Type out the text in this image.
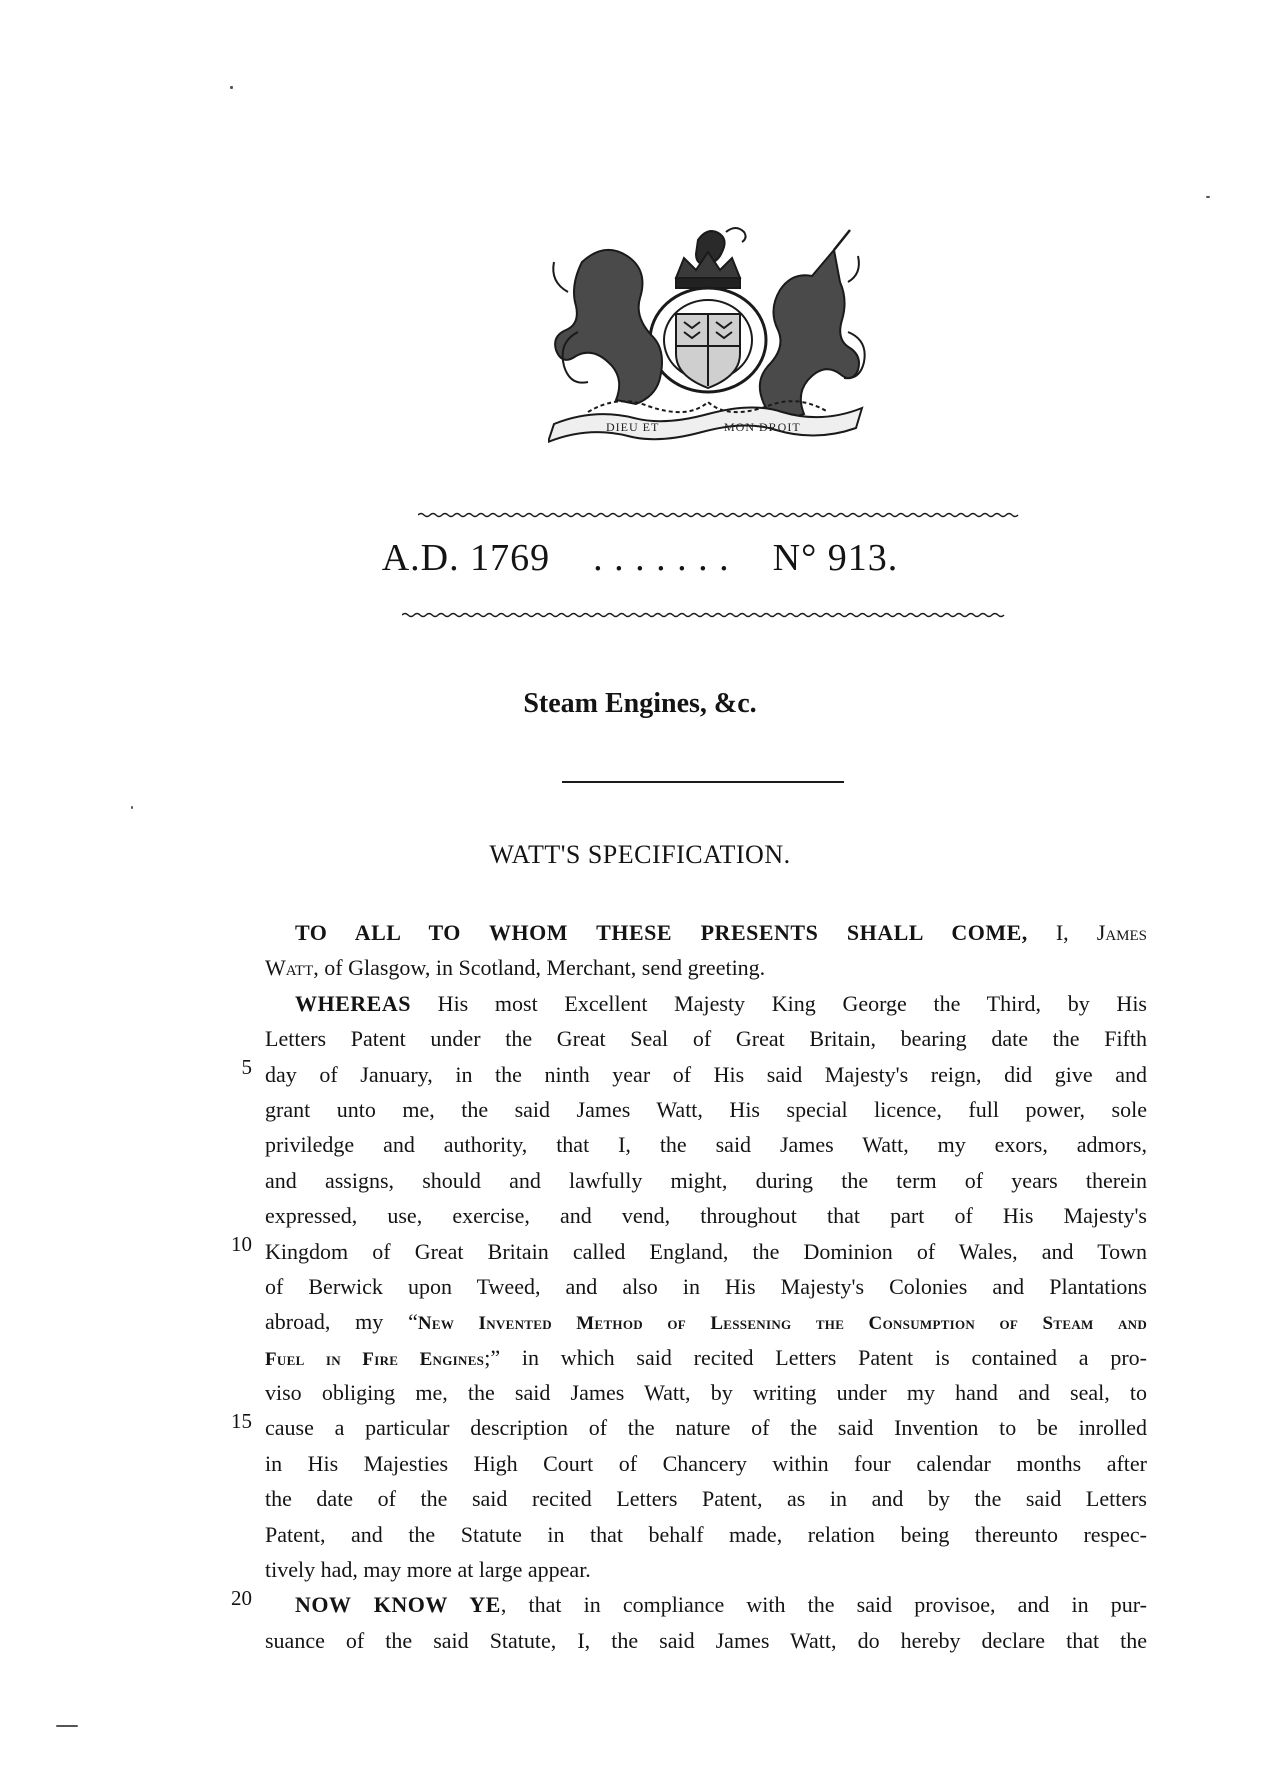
DIEU ET	MON DROIT
A.D. 1769 . . . . . . . N° 913.
Steam Engines, &c.
WATT'S SPECIFICATION.
5
10
15
20
TO ALL TO WHOM THESE PRESENTS SHALL COME, I, James
Watt, of Glasgow, in Scotland, Merchant, send greeting.
WHEREAS His most Excellent Majesty King George the Third, by His
Letters Patent under the Great Seal of Great Britain, bearing date the Fifth
day of January, in the ninth year of His said Majesty's reign, did give and
grant unto me, the said James Watt, His special licence, full power, sole
priviledge and authority, that I, the said James Watt, my exors, admors,
and assigns, should and lawfully might, during the term of years therein
expressed, use, exercise, and vend, throughout that part of His Majesty's
Kingdom of Great Britain called England, the Dominion of Wales, and Town
of Berwick upon Tweed, and also in His Majesty's Colonies and Plantations
abroad, my “New Invented Method of Lessening the Consumption of Steam and
Fuel in Fire Engines;” in which said recited Letters Patent is contained a pro-
viso obliging me, the said James Watt, by writing under my hand and seal, to
cause a particular description of the nature of the said Invention to be inrolled
in His Majesties High Court of Chancery within four calendar months after
the date of the said recited Letters Patent, as in and by the said Letters
Patent, and the Statute in that behalf made, relation being thereunto respec-
tively had, may more at large appear.
NOW KNOW YE, that in compliance with the said provisoe, and in pur-
suance of the said Statute, I, the said James Watt, do hereby declare that the
